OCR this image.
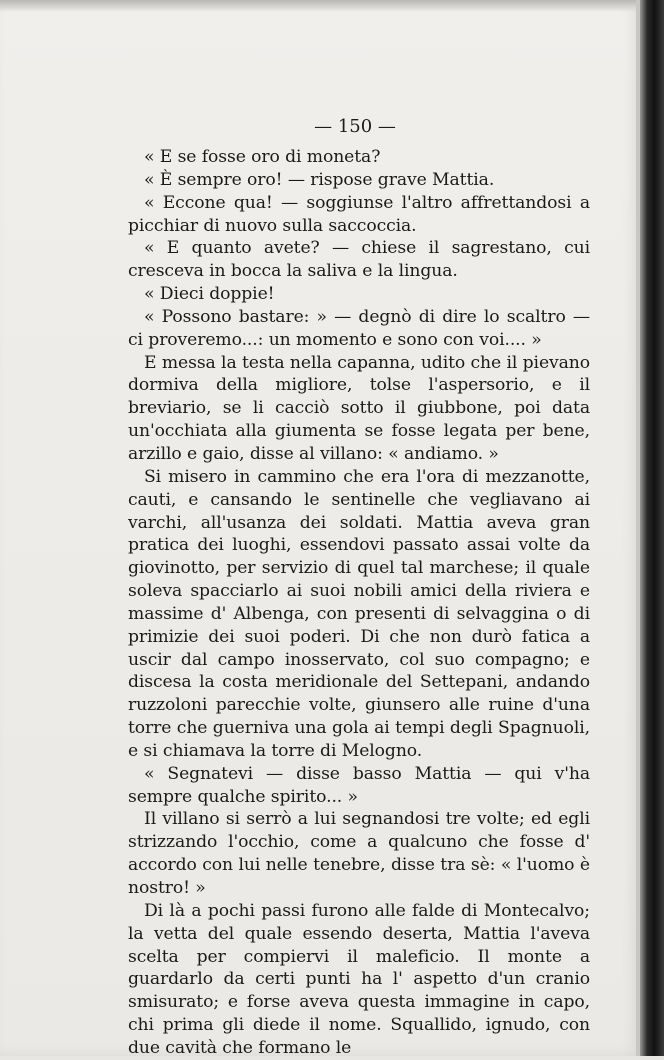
— 150 —

« E se fosse oro di moneta?

« È sempre oro! — rispose grave Mattia.

« Eccone qua! — soggiunse l'altro affrettandosi a picchiar di nuovo sulla saccoccia.

« E quanto avete? — chiese il sagrestano, cui cresceva in bocca la saliva e la lingua.

« Dieci doppie!

« Possono bastare: » — degnò di dire lo scaltro — ci proveremo...: un momento e sono con voi.... »

E messa la testa nella capanna, udito che il pievano dormiva della migliore, tolse l'aspersorio, e il breviario, se li cacciò sotto il giubbone, poi data un'occhiata alla giumenta se fosse legata per bene, arzillo e gaio, disse al villano: « andiamo. »

Si misero in cammino che era l'ora di mezzanotte, cauti, e cansando le sentinelle che vegliavano ai varchi, all'usanza dei soldati. Mattia aveva gran pratica dei luoghi, essendovi passato assai volte da giovinotto, per servizio di quel tal marchese; il quale soleva spacciarlo ai suoi nobili amici della riviera e massime d' Albenga, con presenti di selvaggina o di primizie dei suoi poderi. Di che non durò fatica a uscir dal campo inosservato, col suo compagno; e discesa la costa meridionale del Settepani, andando ruzzoloni parecchie volte, giunsero alle ruine d'una torre che guerniva una gola ai tempi degli Spagnuoli, e si chiamava la torre di Melogno.

« Segnatevi — disse basso Mattia — qui v'ha sempre qualche spirito... »

Il villano si serrò a lui segnandosi tre volte; ed egli strizzando l'occhio, come a qualcuno che fosse d' accordo con lui nelle tenebre, disse tra sè: « l'uomo è nostro! »

Di là a pochi passi furono alle falde di Montecalvo; la vetta del quale essendo deserta, Mattia l'aveva scelta per compiervi il maleficio. Il monte a guardarlo da certi punti ha l' aspetto d'un cranio smisurato; e forse aveva questa immagine in capo, chi prima gli diede il nome. Squallido, ignudo, con due cavità che formano le
